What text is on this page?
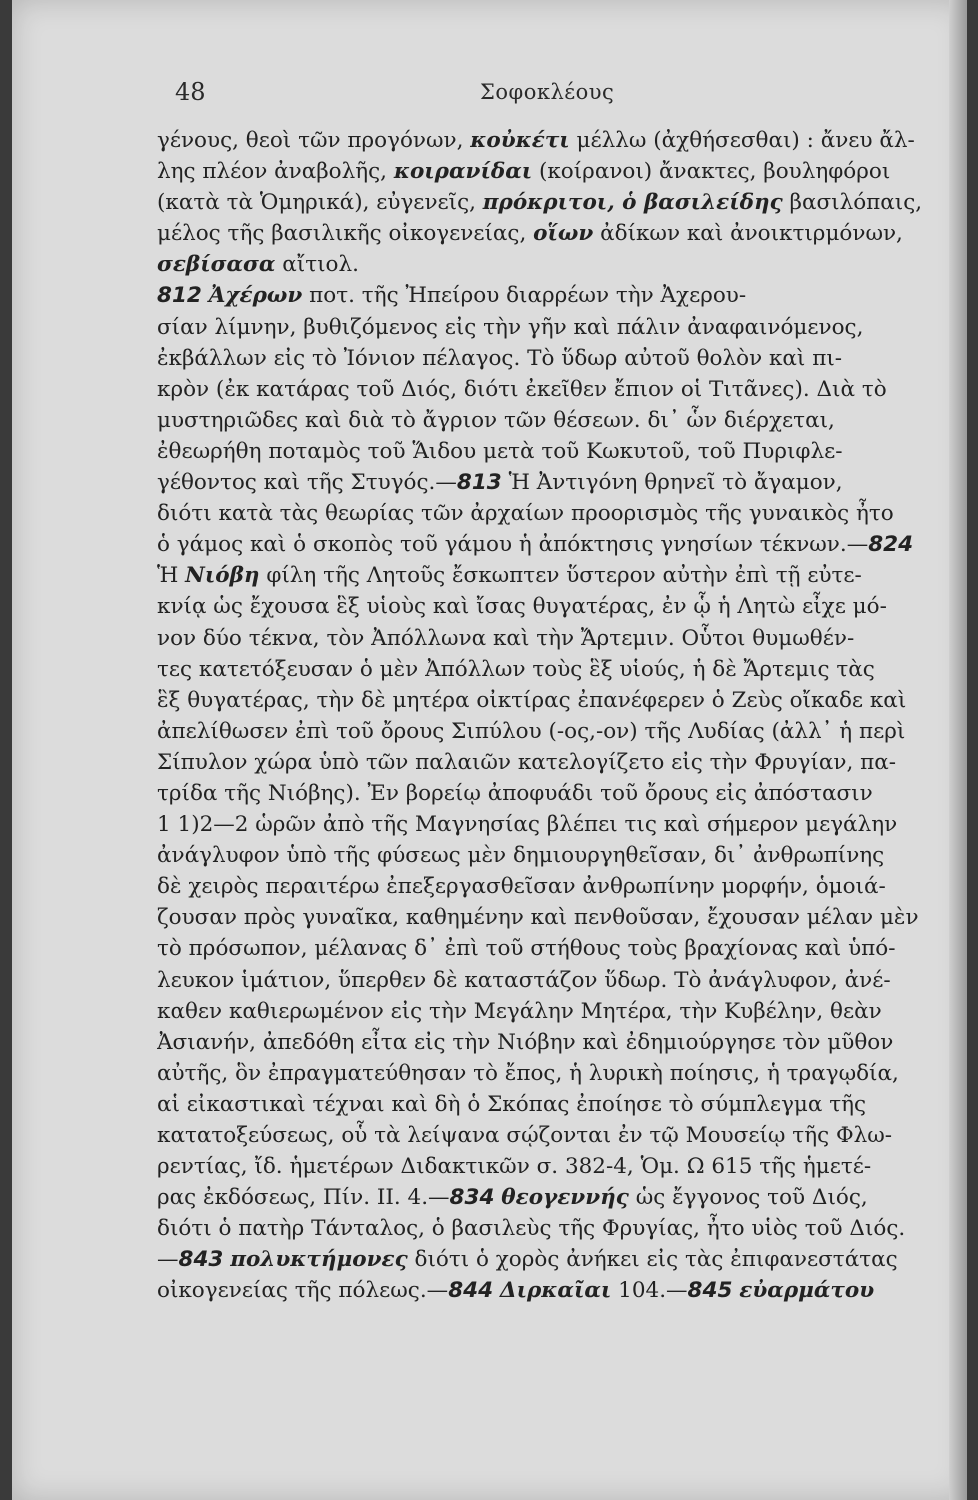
48	Σοφοκλέους
γένους, θεοὶ τῶν προγόνων, κοὐκέτι μέλλω (ἀχθήσεσθαι) : ἄνευ ἄλ-
λης πλέον ἀναβολῆς, κοιρανίδαι (κοίρανοι) ἄνακτες, βουληφόροι
(κατὰ τὰ Ὁμηρικά), εὐγενεῖς, πρόκριτοι, ὁ βασιλείδης βασιλόπαις,
μέλος τῆς βασιλικῆς οἰκογενείας, οἵων ἀδίκων καὶ ἀνοικτιρμόνων,
σεβίσασα αἴτιολ.
812 Ἀχέρων ποτ. τῆς Ἠπείρου διαρρέων τὴν Ἀχερου-
σίαν λίμνην, βυθιζόμενος εἰς τὴν γῆν καὶ πάλιν ἀναφαινόμενος,
ἐκβάλλων εἰς τὸ Ἰόνιον πέλαγος. Τὸ ὕδωρ αὐτοῦ θολὸν καὶ πι-
κρὸν (ἐκ κατάρας τοῦ Διός, διότι ἐκεῖθεν ἔπιον οἱ Τιτᾶνες). Διὰ τὸ
μυστηριῶδες καὶ διὰ τὸ ἄγριον τῶν θέσεων. δι᾽ ὧν διέρχεται,
ἐθεωρήθη ποταμὸς τοῦ Ἅιδου μετὰ τοῦ Κωκυτοῦ, τοῦ Πυριφλε-
γέθοντος καὶ τῆς Στυγός.—813 Ἡ Ἀντιγόνη θρηνεῖ τὸ ἄγαμον,
διότι κατὰ τὰς θεωρίας τῶν ἀρχαίων προορισμὸς τῆς γυναικὸς ἦτο
ὁ γάμος καὶ ὁ σκοπὸς τοῦ γάμου ἡ ἀπόκτησις γνησίων τέκνων.—824
Ἡ Νιόβη φίλη τῆς Λητοῦς ἔσκωπτεν ὕστερον αὐτὴν ἐπὶ τῇ εὐτε-
κνίᾳ ὡς ἔχουσα ἓξ υἱοὺς καὶ ἴσας θυγατέρας, ἐν ᾧ ἡ Λητὼ εἶχε μό-
νον δύο τέκνα, τὸν Ἀπόλλωνα καὶ τὴν Ἄρτεμιν. Οὗτοι θυμωθέν-
τες κατετόξευσαν ὁ μὲν Ἀπόλλων τοὺς ἓξ υἱούς, ἡ δὲ Ἄρτεμις τὰς
ἓξ θυγατέρας, τὴν δὲ μητέρα οἰκτίρας ἐπανέφερεν ὁ Ζεὺς οἴκαδε καὶ
ἀπελίθωσεν ἐπὶ τοῦ ὄρους Σιπύλου (-ος,-ον) τῆς Λυδίας (ἀλλ᾽ ἡ περὶ
Σίπυλον χώρα ὑπὸ τῶν παλαιῶν κατελογίζετο εἰς τὴν Φρυγίαν, πα-
τρίδα τῆς Νιόβης). Ἐν βορείῳ ἀποφυάδι τοῦ ὄρους εἰς ἀπόστασιν
1 1)2—2 ὡρῶν ἀπὸ τῆς Μαγνησίας βλέπει τις καὶ σήμερον μεγάλην
ἀνάγλυφον ὑπὸ τῆς φύσεως μὲν δημιουργηθεῖσαν, δι᾽ ἀνθρωπίνης
δὲ χειρὸς περαιτέρω ἐπεξεργασθεῖσαν ἀνθρωπίνην μορφήν, ὁμοιά-
ζουσαν πρὸς γυναῖκα, καθημένην καὶ πενθοῦσαν, ἔχουσαν μέλαν μὲν
τὸ πρόσωπον, μέλανας δ᾽ ἐπὶ τοῦ στήθους τοὺς βραχίονας καὶ ὑπό-
λευκον ἱμάτιον, ὕπερθεν δὲ καταστάζον ὕδωρ. Τὸ ἀνάγλυφον, ἀνέ-
καθεν καθιερωμένον εἰς τὴν Μεγάλην Μητέρα, τὴν Κυβέλην, θεὰν
Ἀσιανήν, ἀπεδόθη εἶτα εἰς τὴν Νιόβην καὶ ἐδημιούργησε τὸν μῦθον
αὐτῆς, ὃν ἐπραγματεύθησαν τὸ ἔπος, ἡ λυρικὴ ποίησις, ἡ τραγῳδία,
αἱ εἰκαστικαὶ τέχναι καὶ δὴ ὁ Σκόπας ἐποίησε τὸ σύμπλεγμα τῆς
κατατοξεύσεως, οὗ τὰ λείψανα σῴζονται ἐν τῷ Μουσείῳ τῆς Φλω-
ρεντίας, ἴδ. ἡμετέρων Διδακτικῶν σ. 382-4, Ὁμ. Ω 615 τῆς ἡμετέ-
ρας ἐκδόσεως, Πίν. ΙΙ. 4.—834 θεογεννής ὡς ἔγγονος τοῦ Διός,
διότι ὁ πατὴρ Τάνταλος, ὁ βασιλεὺς τῆς Φρυγίας, ἦτο υἱὸς τοῦ Διός.
—843 πολυκτήμονες διότι ὁ χορὸς ἀνήκει εἰς τὰς ἐπιφανεστάτας
οἰκογενείας τῆς πόλεως.—844 Διρκαῖαι 104.—845 εὐαρμάτου
